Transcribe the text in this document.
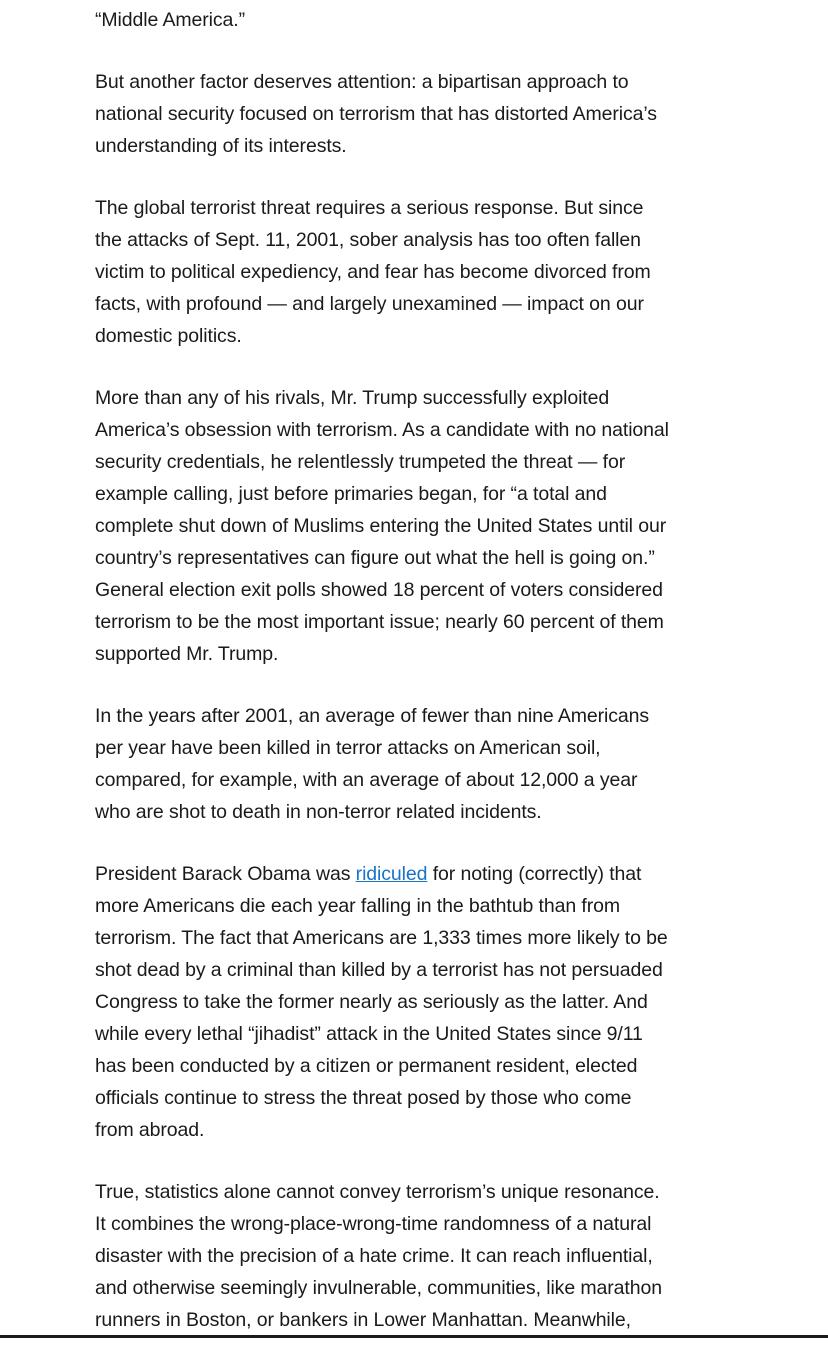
“Middle America.”

But another factor deserves attention: a bipartisan approach to
national security focused on terrorism that has distorted America’s
understanding of its interests.

The global terrorist threat requires a serious response. But since
the attacks of Sept. 11, 2001, sober analysis has too often fallen
victim to political expediency, and fear has become divorced from
facts, with profound — and largely unexamined — impact on our
domestic politics.

More than any of his rivals, Mr. Trump successfully exploited
America’s obsession with terrorism. As a candidate with no national
security credentials, he relentlessly trumpeted the threat — for
example calling, just before primaries began, for “a total and
complete shut down of Muslims entering the United States until our
country’s representatives can figure out what the hell is going on.”
General election exit polls showed 18 percent of voters considered
terrorism to be the most important issue; nearly 60 percent of them
supported Mr. Trump.

In the years after 2001, an average of fewer than nine Americans
per year have been killed in terror attacks on American soil,
compared, for example, with an average of about 12,000 a year
who are shot to death in non-terror related incidents.

President Barack Obama was ridiculed for noting (correctly) that
more Americans die each year falling in the bathtub than from
terrorism. The fact that Americans are 1,333 times more likely to be
shot dead by a criminal than killed by a terrorist has not persuaded
Congress to take the former nearly as seriously as the latter. And
while every lethal “jihadist” attack in the United States since 9/11
has been conducted by a citizen or permanent resident, elected
officials continue to stress the threat posed by those who come
from abroad.

True, statistics alone cannot convey terrorism’s unique resonance.
It combines the wrong-place-wrong-time randomness of a natural
disaster with the precision of a hate crime. It can reach influential,
and otherwise seemingly invulnerable, communities, like marathon
runners in Boston, or bankers in Lower Manhattan. Meanwhile,
